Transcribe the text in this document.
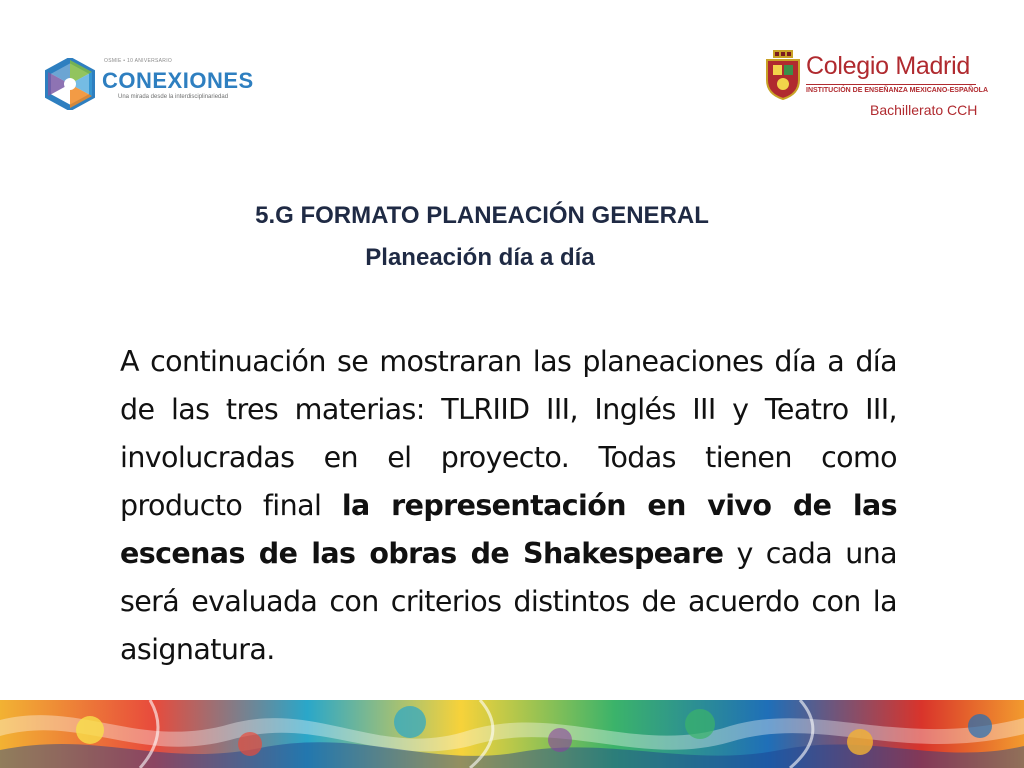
OSMIE • 10 ANIVERSARIO
CONEXIONES
Una mirada desde la interdisciplinariedad
Colegio Madrid
INSTITUCIÓN DE ENSEÑANZA MEXICANO-ESPAÑOLA
Bachillerato CCH
5.G FORMATO PLANEACIÓN GENERAL
Planeación día a día
A continuación se mostraran las planeaciones día a día de las tres materias: TLRIID III, Inglés III y Teatro III, involucradas en el proyecto. Todas tienen como producto final la representación en vivo de las escenas de las obras de Shakespeare y cada una será evaluada con criterios distintos de acuerdo con la asignatura.
